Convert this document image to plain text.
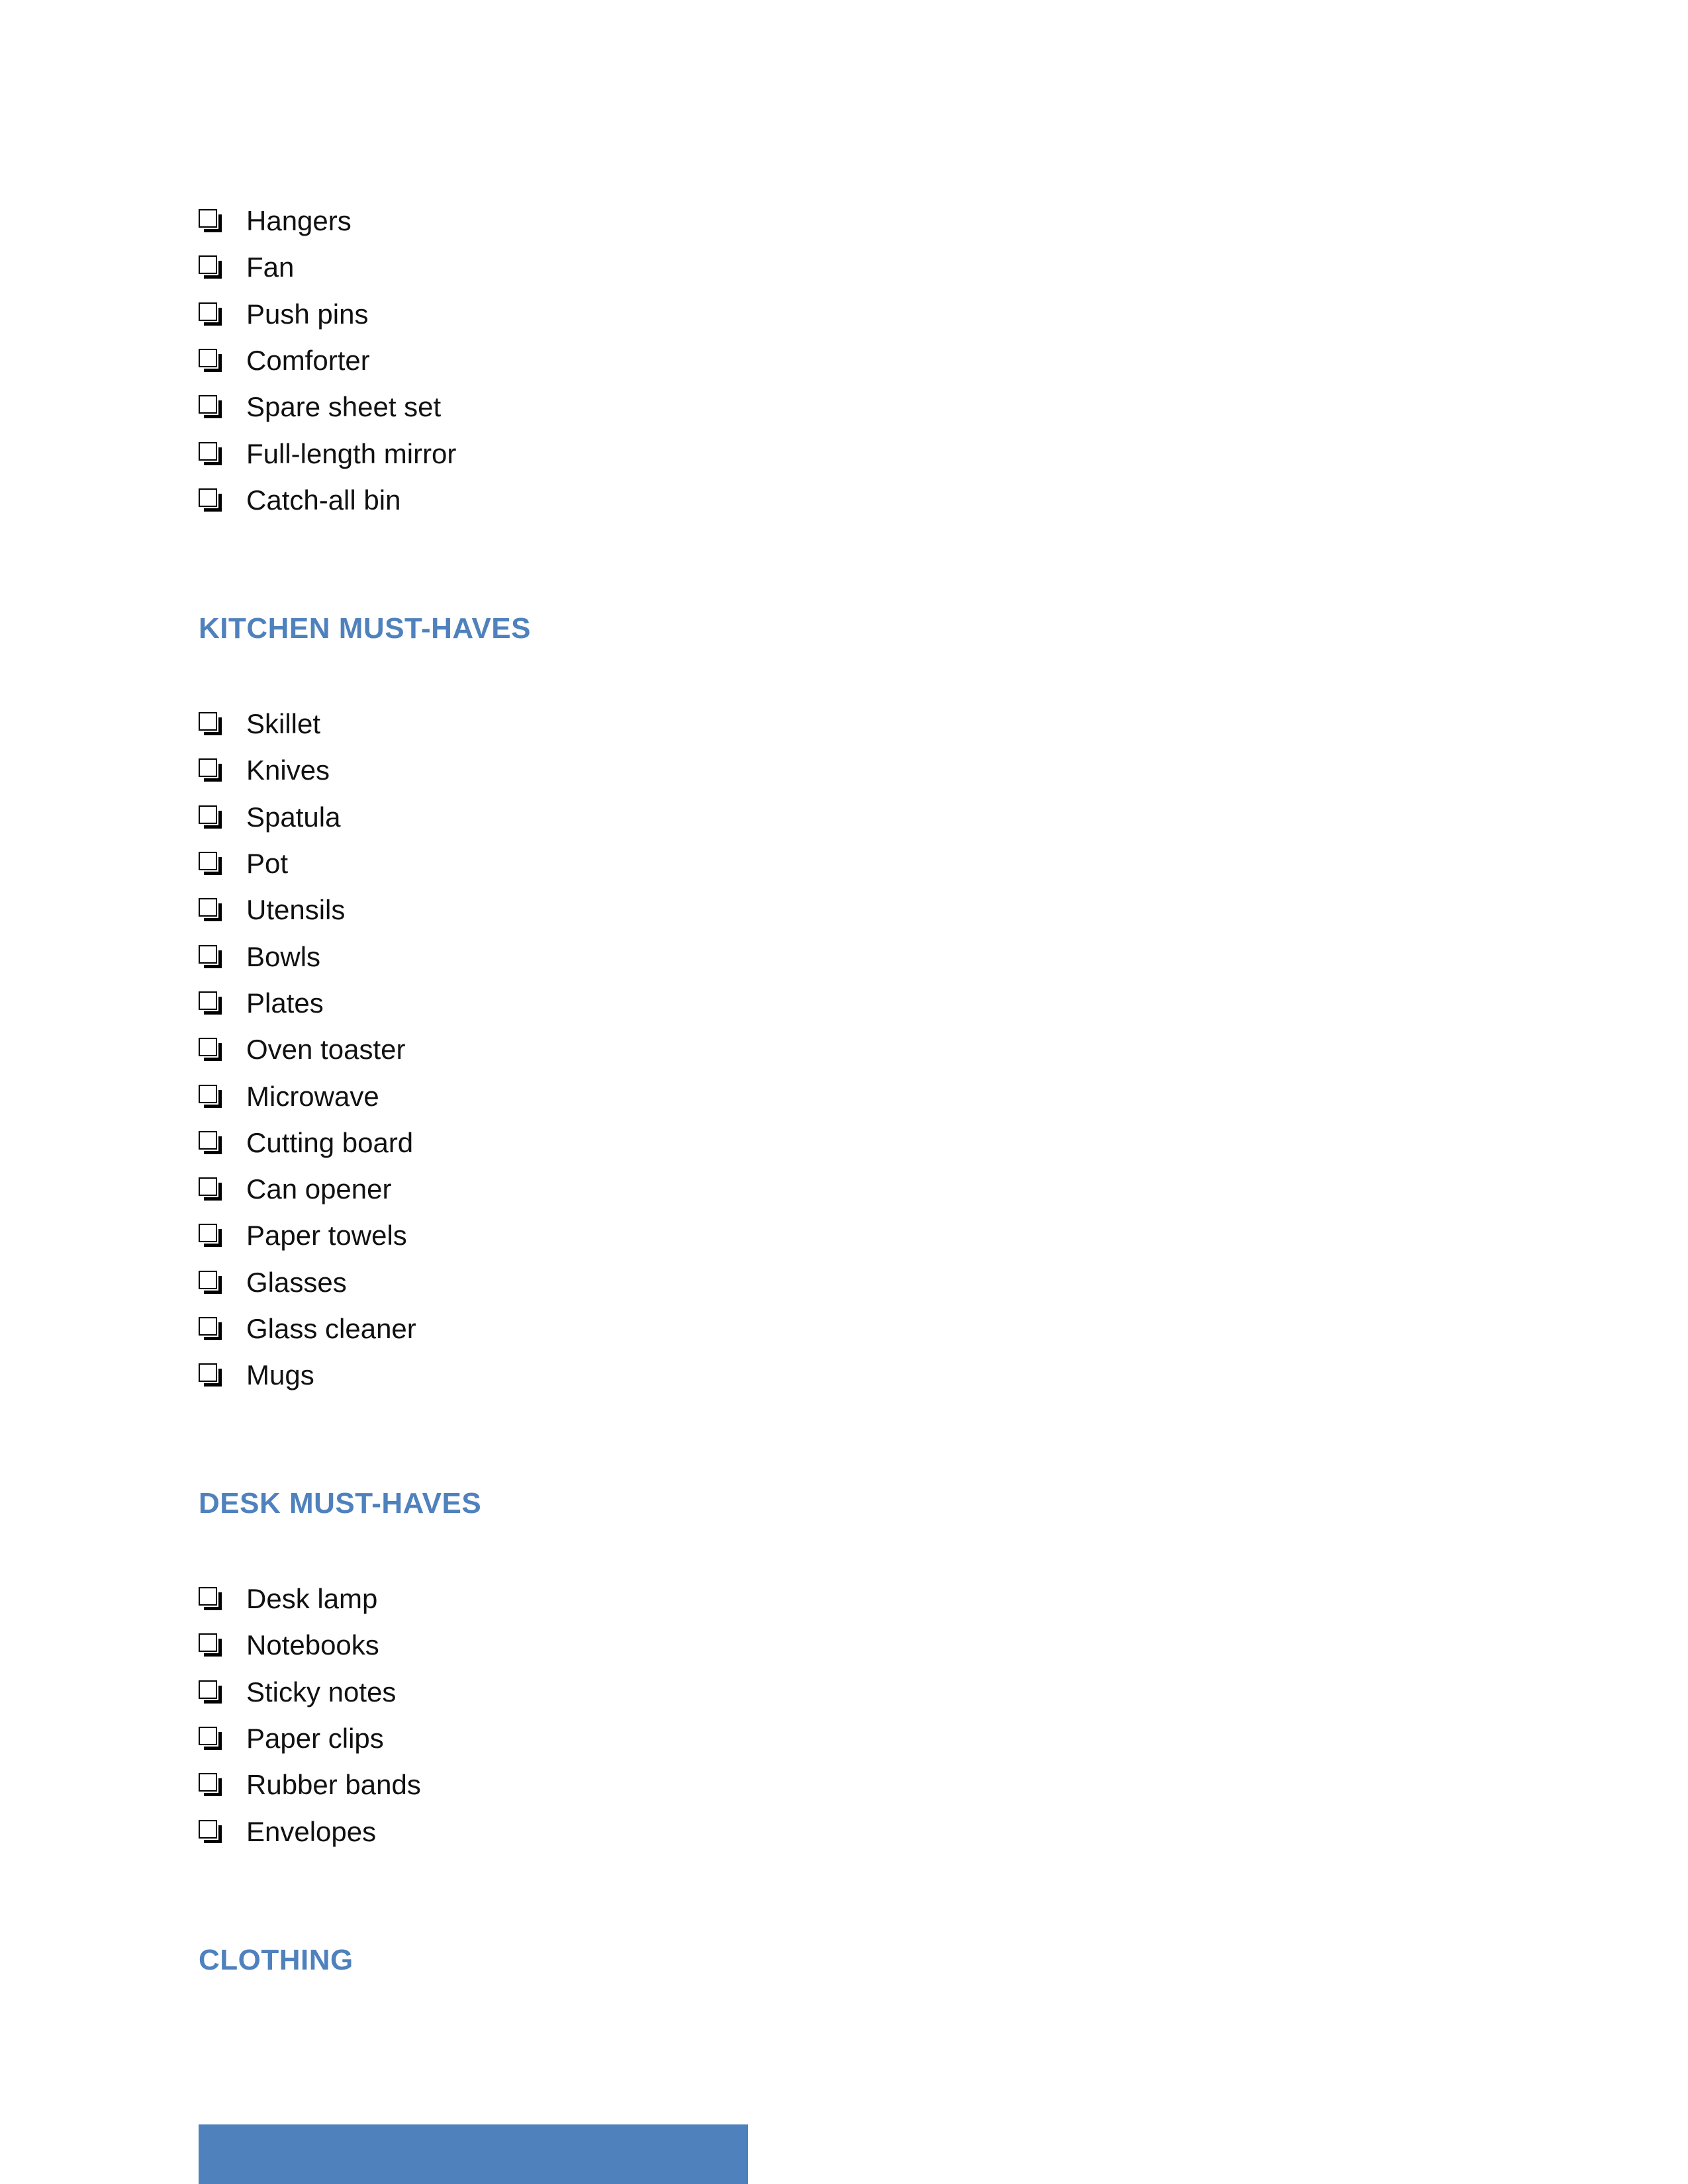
Hangers
Fan
Push pins
Comforter
Spare sheet set
Full-length mirror
Catch-all bin
KITCHEN MUST-HAVES
Skillet
Knives
Spatula
Pot
Utensils
Bowls
Plates
Oven toaster
Microwave
Cutting board
Can opener
Paper towels
Glasses
Glass cleaner
Mugs
DESK MUST-HAVES
Desk lamp
Notebooks
Sticky notes
Paper clips
Rubber bands
Envelopes
CLOTHING
